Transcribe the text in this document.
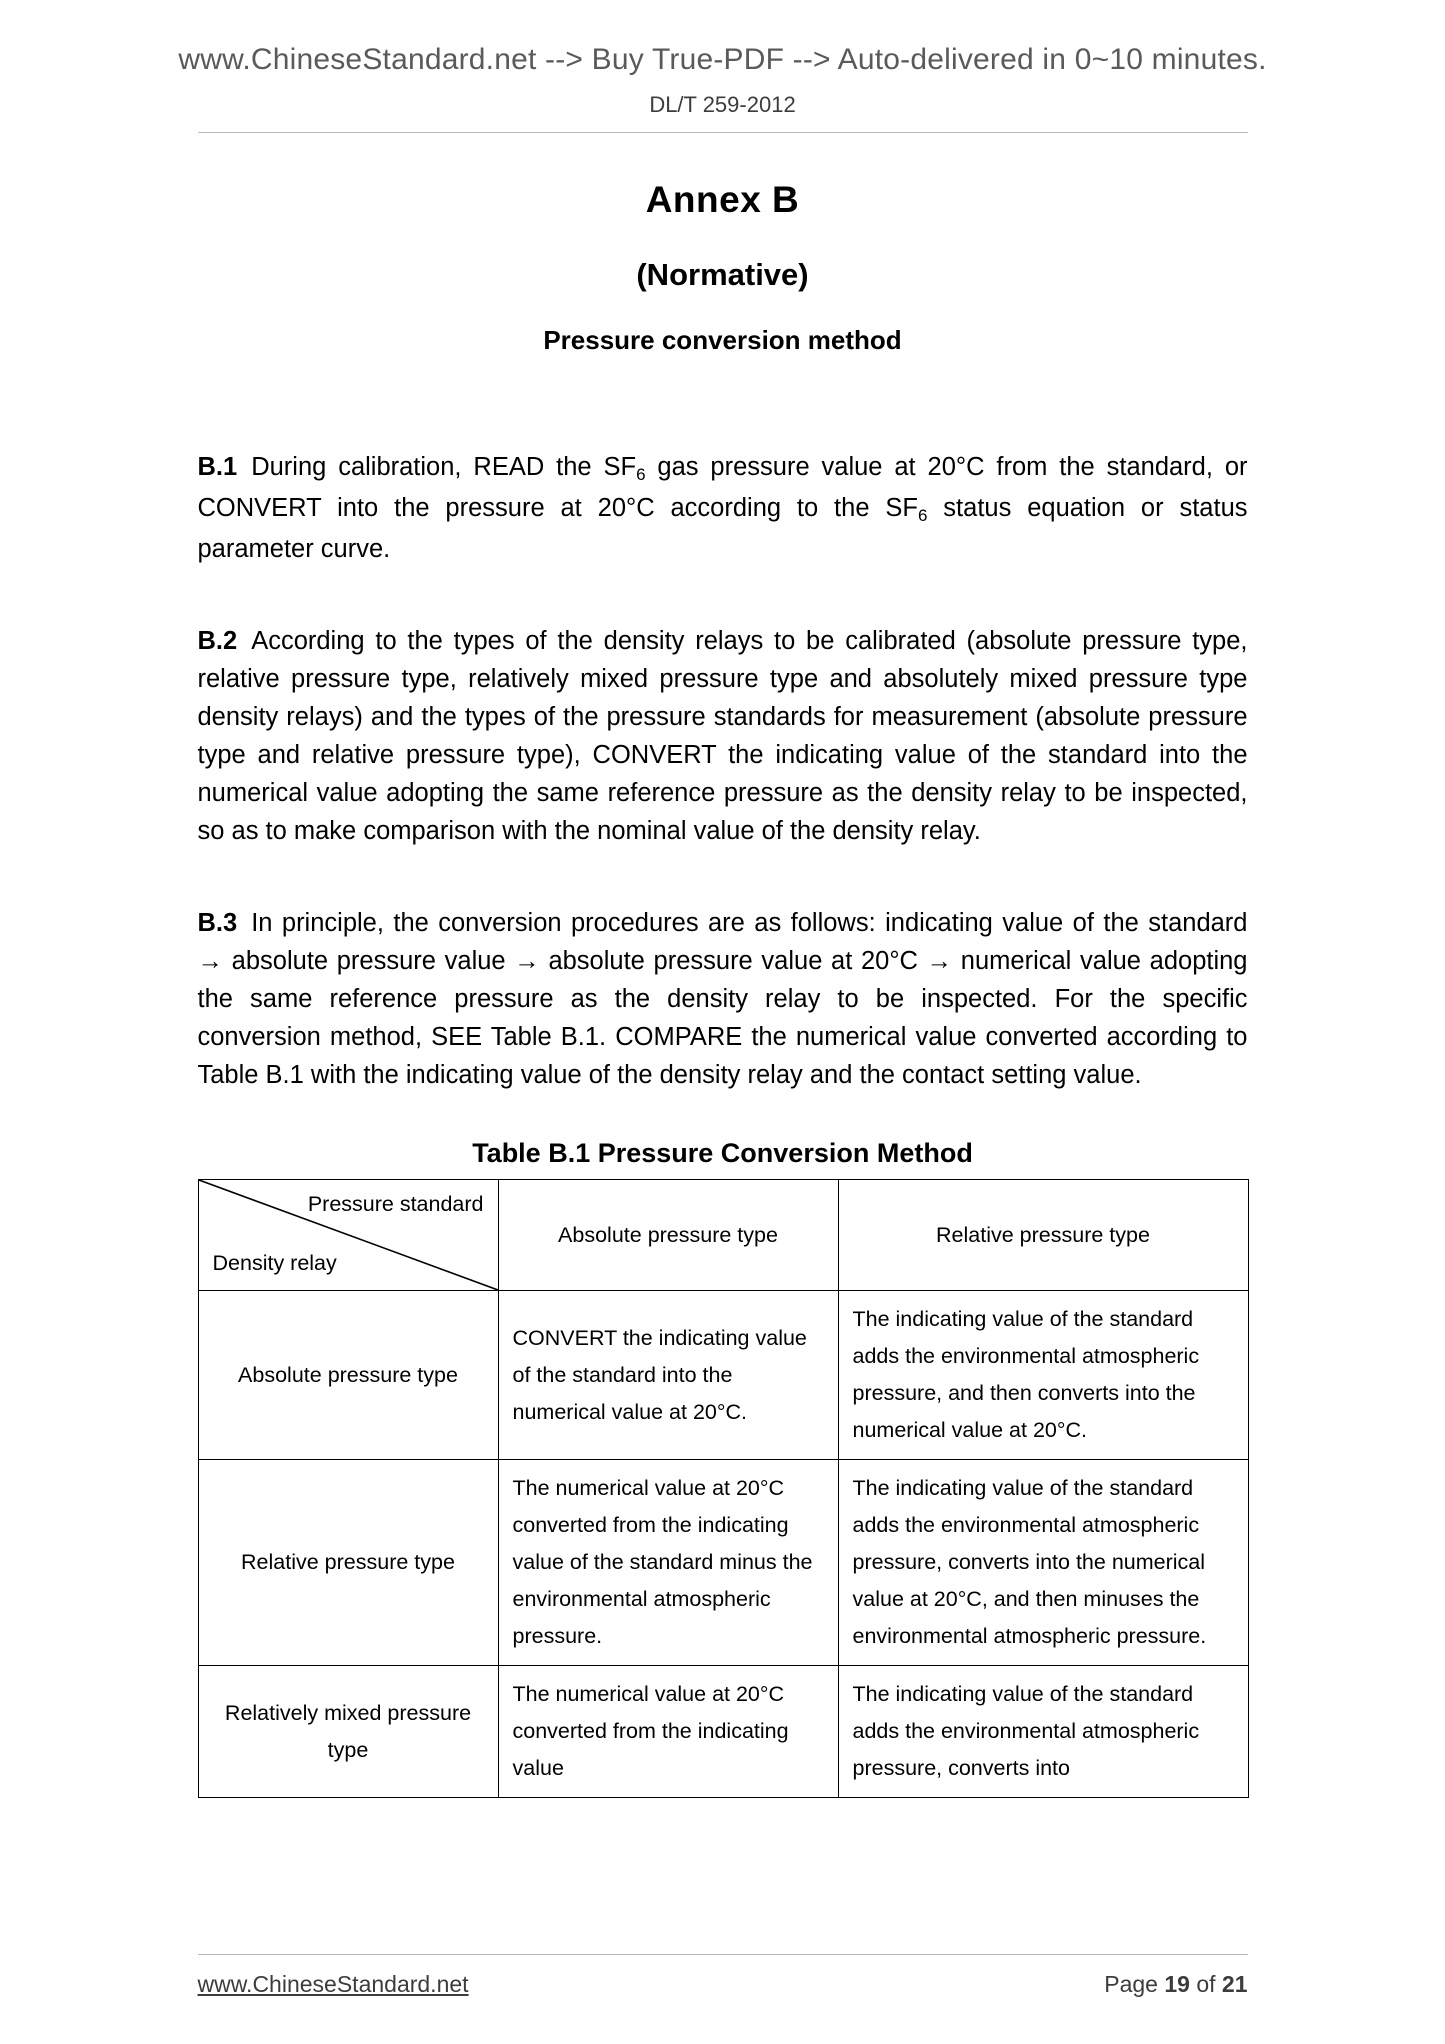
www.ChineseStandard.net --> Buy True-PDF --> Auto-delivered in 0~10 minutes.
DL/T 259-2012
Annex B
(Normative)
Pressure conversion method

B.1 During calibration, READ the $SF_6$ gas pressure value at 20°C from the standard, or CONVERT into the pressure at 20°C according to the $SF_6$ status equation or status parameter curve.

B.2 According to the types of the density relays to be calibrated (absolute pressure type, relative pressure type, relatively mixed pressure type and absolutely mixed pressure type density relays) and the types of the pressure standards for measurement (absolute pressure type and relative pressure type), CONVERT the indicating value of the standard into the numerical value adopting the same reference pressure as the density relay to be inspected, so as to make comparison with the nominal value of the density relay.

B.3 In principle, the conversion procedures are as follows: indicating value of the standard → absolute pressure value → absolute pressure value at 20°C → numerical value adopting the same reference pressure as the density relay to be inspected. For the specific conversion method, SEE Table B.1. COMPARE the numerical value converted according to Table B.1 with the indicating value of the density relay and the contact setting value.

Table B.1 Pressure Conversion Method
Pressure standard
Density relay	Absolute pressure type	Relative pressure type
Absolute pressure type	CONVERT the indicating value of the standard into the numerical value at 20°C.	The indicating value of the standard adds the environmental atmospheric pressure, and then converts into the numerical value at 20°C.
Relative pressure type	The numerical value at 20°C converted from the indicating value of the standard minus the environmental atmospheric pressure.	The indicating value of the standard adds the environmental atmospheric pressure, converts into the numerical value at 20°C, and then minuses the environmental atmospheric pressure.
Relatively mixed pressure type	The numerical value at 20°C converted from the indicating value	The indicating value of the standard adds the environmental atmospheric pressure, converts into
www.ChineseStandard.net	Page 19 of 21
